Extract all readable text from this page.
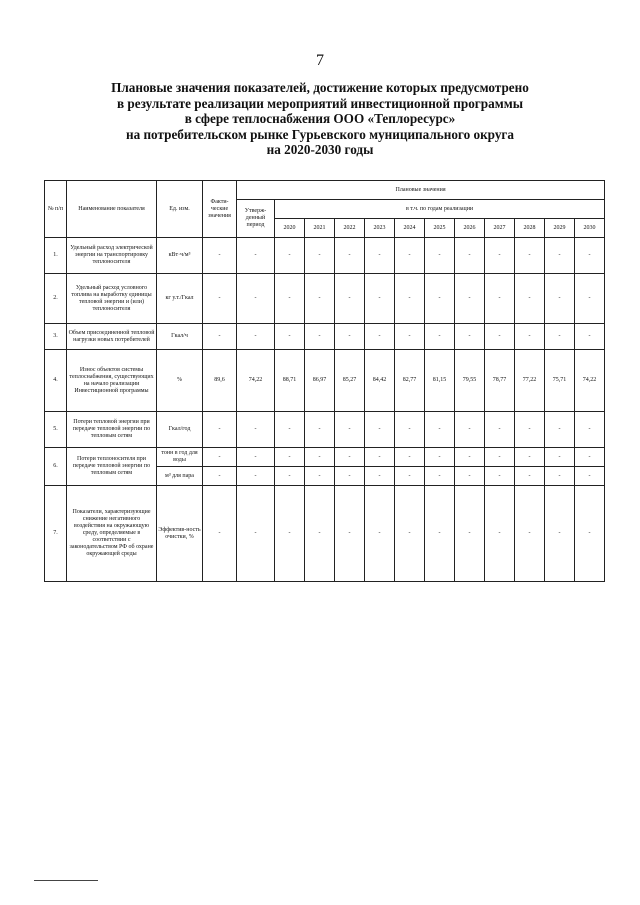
7
Плановые значения показателей, достижение которых предусмотрено
в результате реализации мероприятий инвестиционной программы
в сфере теплоснабжения ООО «Теплоресурс»
на потребительском рынке Гурьевского муниципального округа
на 2020-2030 годы
№ п/п	Наименование показателя	Ед. изм.	Факти-ческие значения	Плановые значения											
				Утверж-денный период	в т.ч. по годам реализации										
					2020	2021	2022	2023	2024	2025	2026	2027	2028	2029	2030
1.	Удельный расход электрической энергии на транспортировку теплоносителя	кВт·ч/м³	-	-	-	-	-	-	-	-	-	-	-	-	-
2.	Удельный расход условного топлива на выработку единицы тепловой энергии и (или) теплоносителя	кг у.т./Гкал	-	-	-	-	-	-	-	-	-	-	-	-	-
3.	Объем присоединенной тепловой нагрузки новых потребителей	Гкал/ч	-	-	-	-	-	-	-	-	-	-	-	-	-
4.	Износ объектов системы теплоснабжения, существующих на начало реализации Инвестиционной программы	%	89,6	74,22	88,71	86,97	85,27	84,42	82,77	81,15	79,55	78,77	77,22	75,71	74,22
5.	Потери тепловой энергии при передаче тепловой энергии по тепловым сетям	Гкал/год	-	-	-	-	-	-	-	-	-	-	-	-	-
6.	Потери теплоносителя при передаче тепловой энергии по тепловым сетям	тонн в год для воды	-	-	-	-	-	-	-	-	-	-	-	-	-
		м³ для пара	-	-	-	-	-	-	-	-	-	-	-	-	-
7.	Показатели, характеризующие снижение негативного воздействия на окружающую среду, определяемые в соответствии с законодательством РФ об охране окружающей среды	Эффектив-ность очистки, %	-	-	-	-	-	-	-	-	-	-	-	-	-
